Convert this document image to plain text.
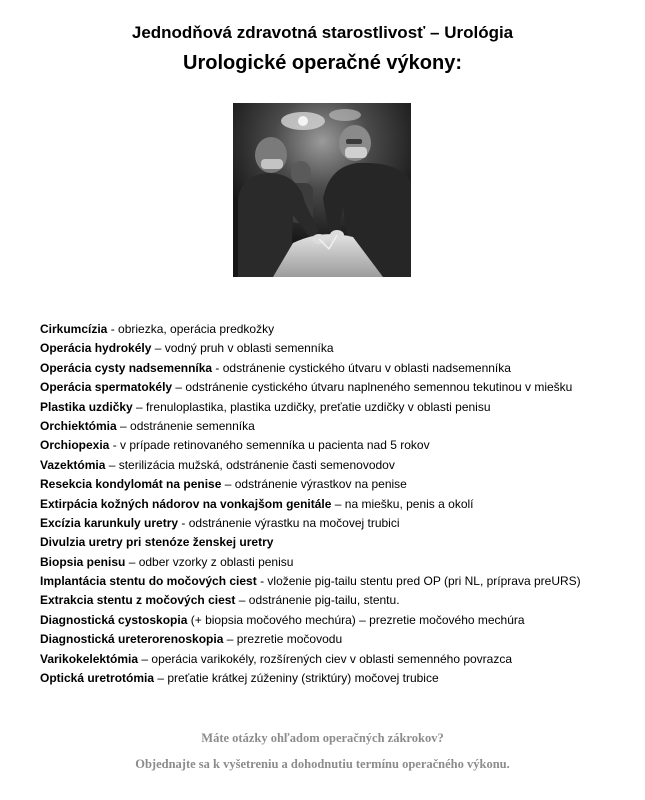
Jednodňová zdravotná starostlivosť – Urológia

Urologické operačné výkony:

Cirkumcízia - obriezka, operácia predkožky
Operácia hydrokély – vodný pruh v oblasti semenníka
Operácia cysty nadsemenníka - odstránenie cystického útvaru v oblasti nadsemenníka
Operácia spermatokély – odstránenie cystického útvaru naplneného semennou tekutinou v miešku
Plastika uzdičky – frenuloplastika, plastika uzdičky, preťatie uzdičky v oblasti penisu
Orchiektómia – odstránenie semenníka
Orchiopexia - v prípade retinovaného semenníka u pacienta nad 5 rokov
Vazektómia – sterilizácia mužská, odstránenie časti semenovodov
Resekcia kondylomát na penise – odstránenie výrastkov na penise
Extirpácia kožných nádorov na vonkajšom genitále – na miešku, penis a okolí
Excízia karunkuly uretry - odstránenie výrastku na močovej trubici
Divulzia uretry pri stenóze ženskej uretry
Biopsia penisu – odber vzorky z oblasti penisu
Implantácia stentu do močových ciest - vloženie pig-tailu stentu pred OP (pri NL, príprava preURS)
Extrakcia stentu z močových ciest – odstránenie pig-tailu, stentu.
Diagnostická cystoskopia (+ biopsia močového mechúra) – prezretie močového mechúra
Diagnostická ureterorenoskopia – prezretie močovodu
Varikokelektómia – operácia varikokély, rozšírených ciev v oblasti semenného povrazca
Optická uretrotómia – preťatie krátkej zúženiny (striktúry) močovej trubice
Máte otázky ohľadom operačných zákrokov?
Objednajte sa k vyšetreniu a dohodnutiu termínu operačného výkonu.
